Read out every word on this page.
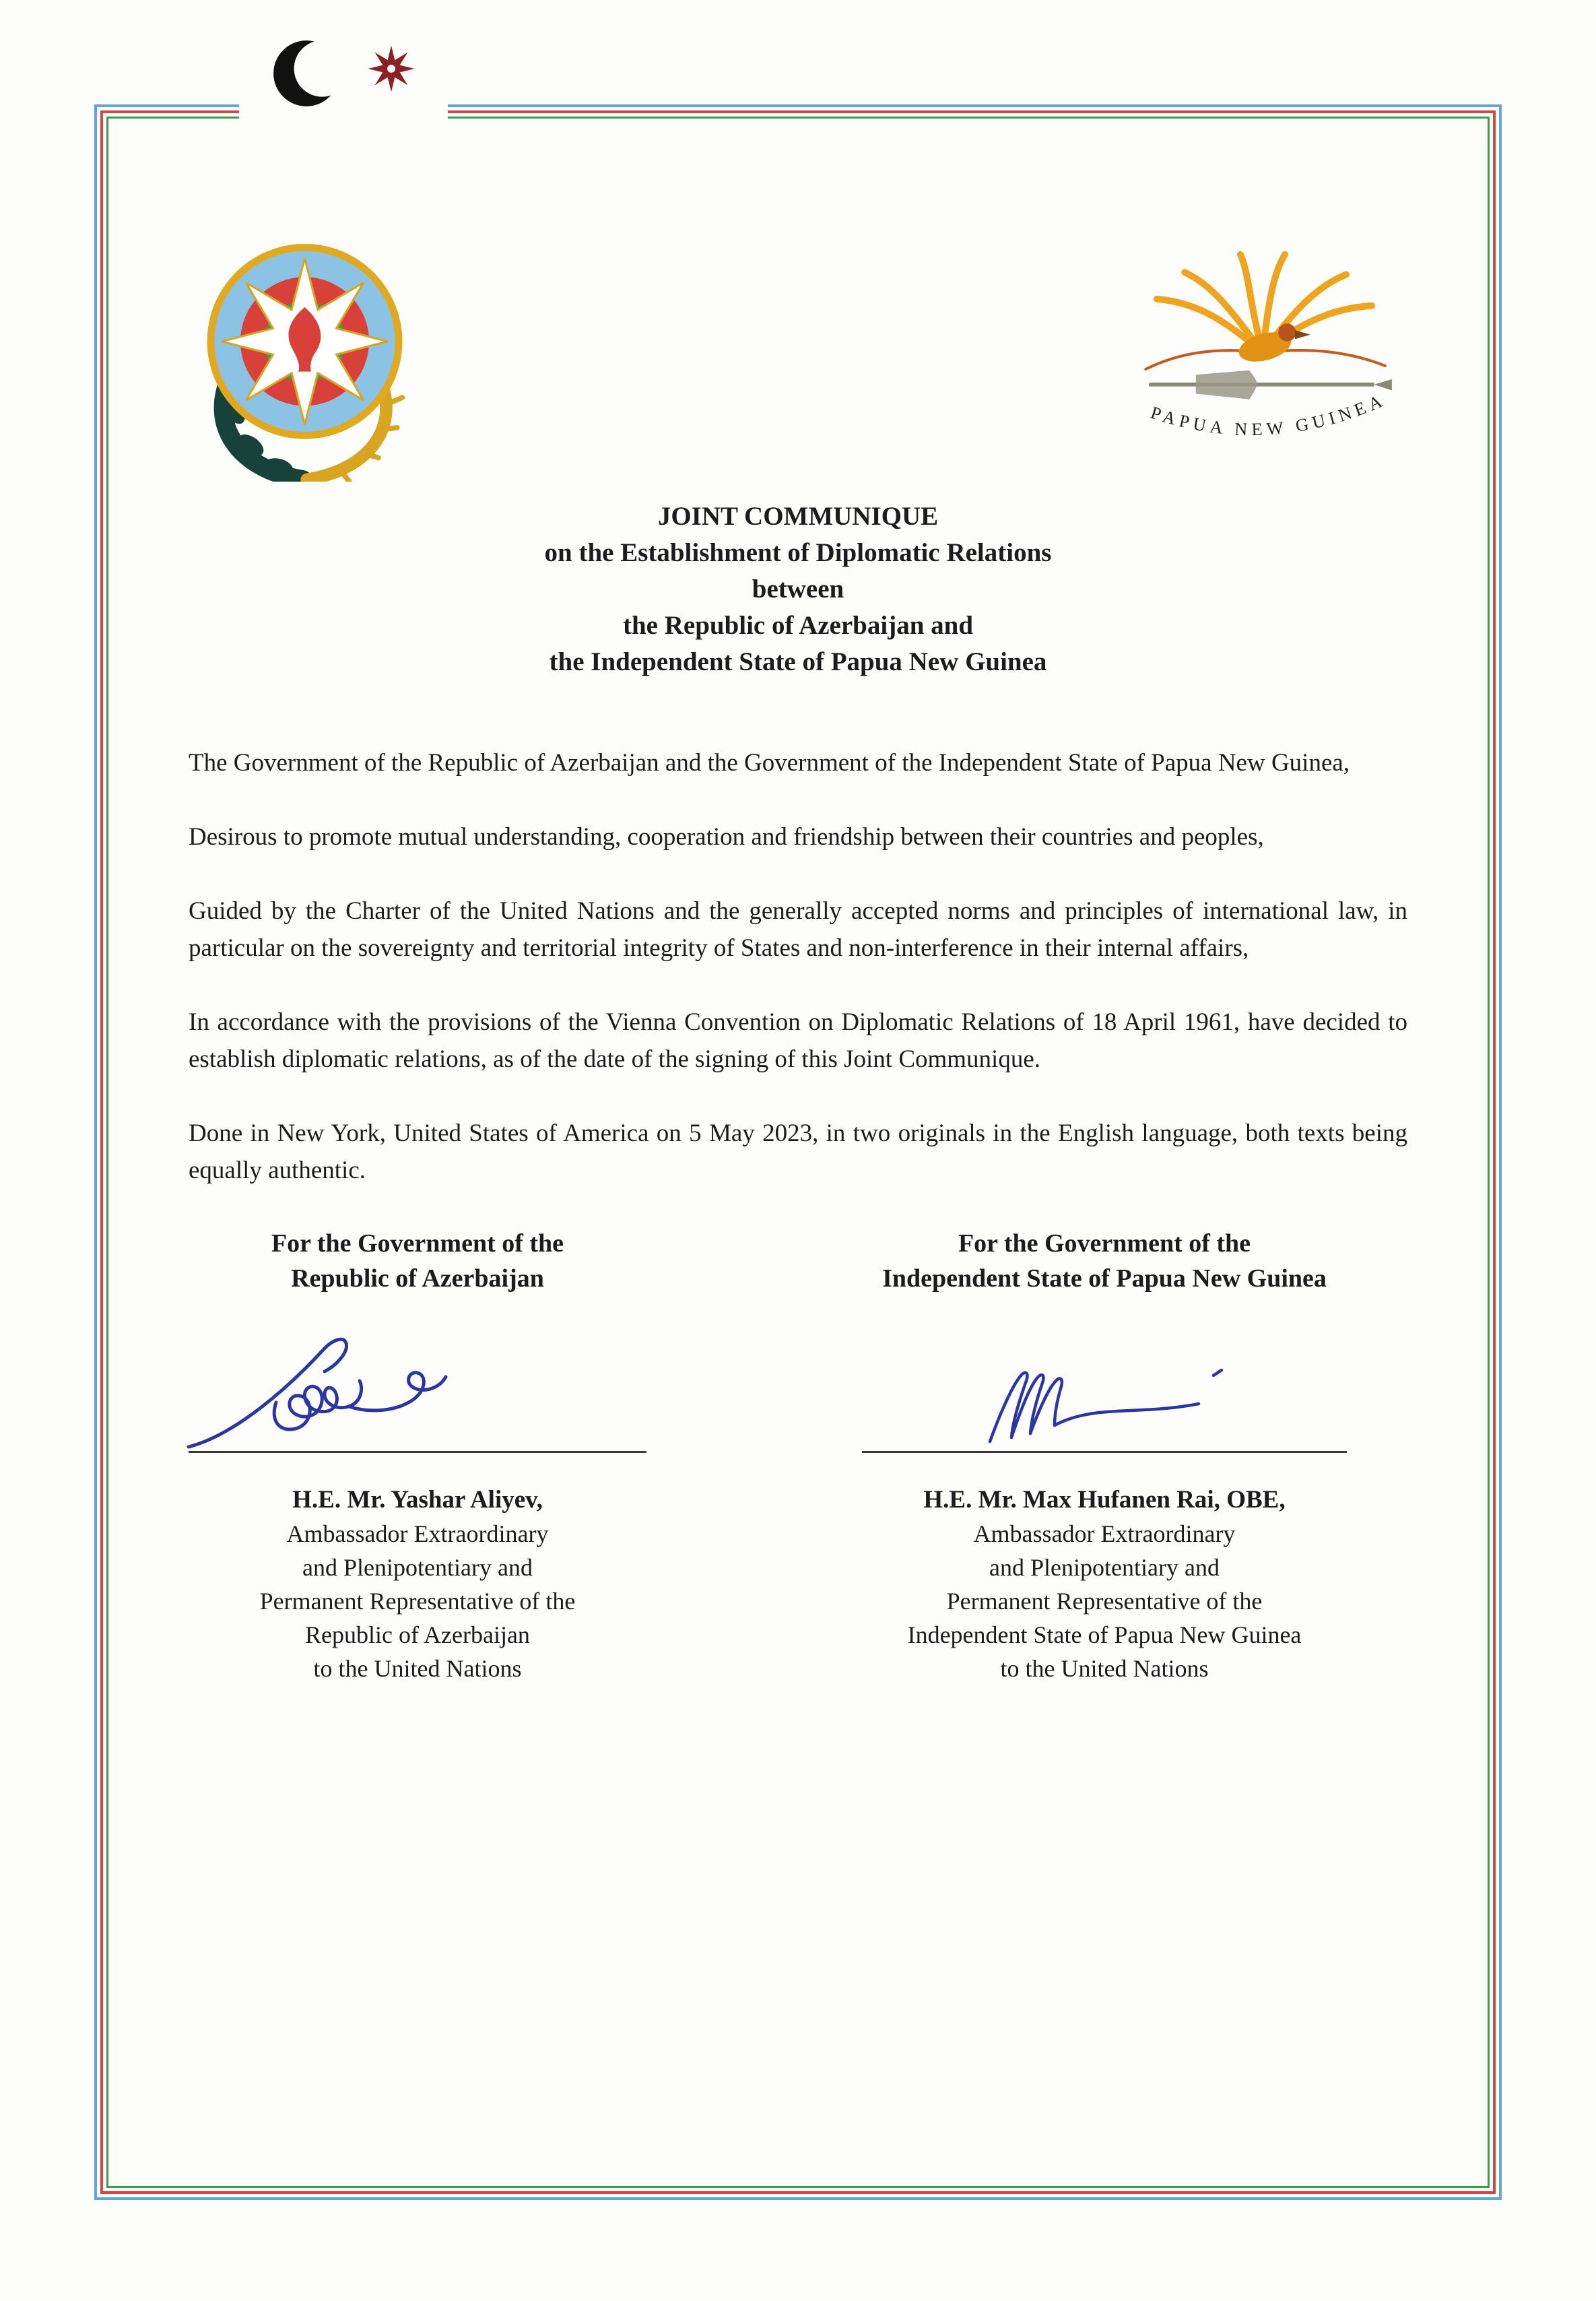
PAPUA NEW GUINEA
JOINT COMMUNIQUE
on the Establishment of Diplomatic Relations
between
the Republic of Azerbaijan and
the Independent State of Papua New Guinea

The Government of the Republic of Azerbaijan and the Government of the Independent State of Papua New Guinea,

Desirous to promote mutual understanding, cooperation and friendship between their countries and peoples,

Guided by the Charter of the United Nations and the generally accepted norms and principles of international law, in particular on the sovereignty and territorial integrity of States and non-interference in their internal affairs,

In accordance with the provisions of the Vienna Convention on Diplomatic Relations of 18 April 1961, have decided to establish diplomatic relations, as of the date of the signing of this Joint Communique.

Done in New York, United States of America on 5 May 2023, in two originals in the English language, both texts being equally authentic.

For the Government of the
Republic of Azerbaijan
H.E. Mr. Yashar Aliyev,
Ambassador Extraordinary
and Plenipotentiary and
Permanent Representative of the
Republic of Azerbaijan
to the United Nations
For the Government of the
Independent State of Papua New Guinea
H.E. Mr. Max Hufanen Rai, OBE,
Ambassador Extraordinary
and Plenipotentiary and
Permanent Representative of the
Independent State of Papua New Guinea
to the United Nations
